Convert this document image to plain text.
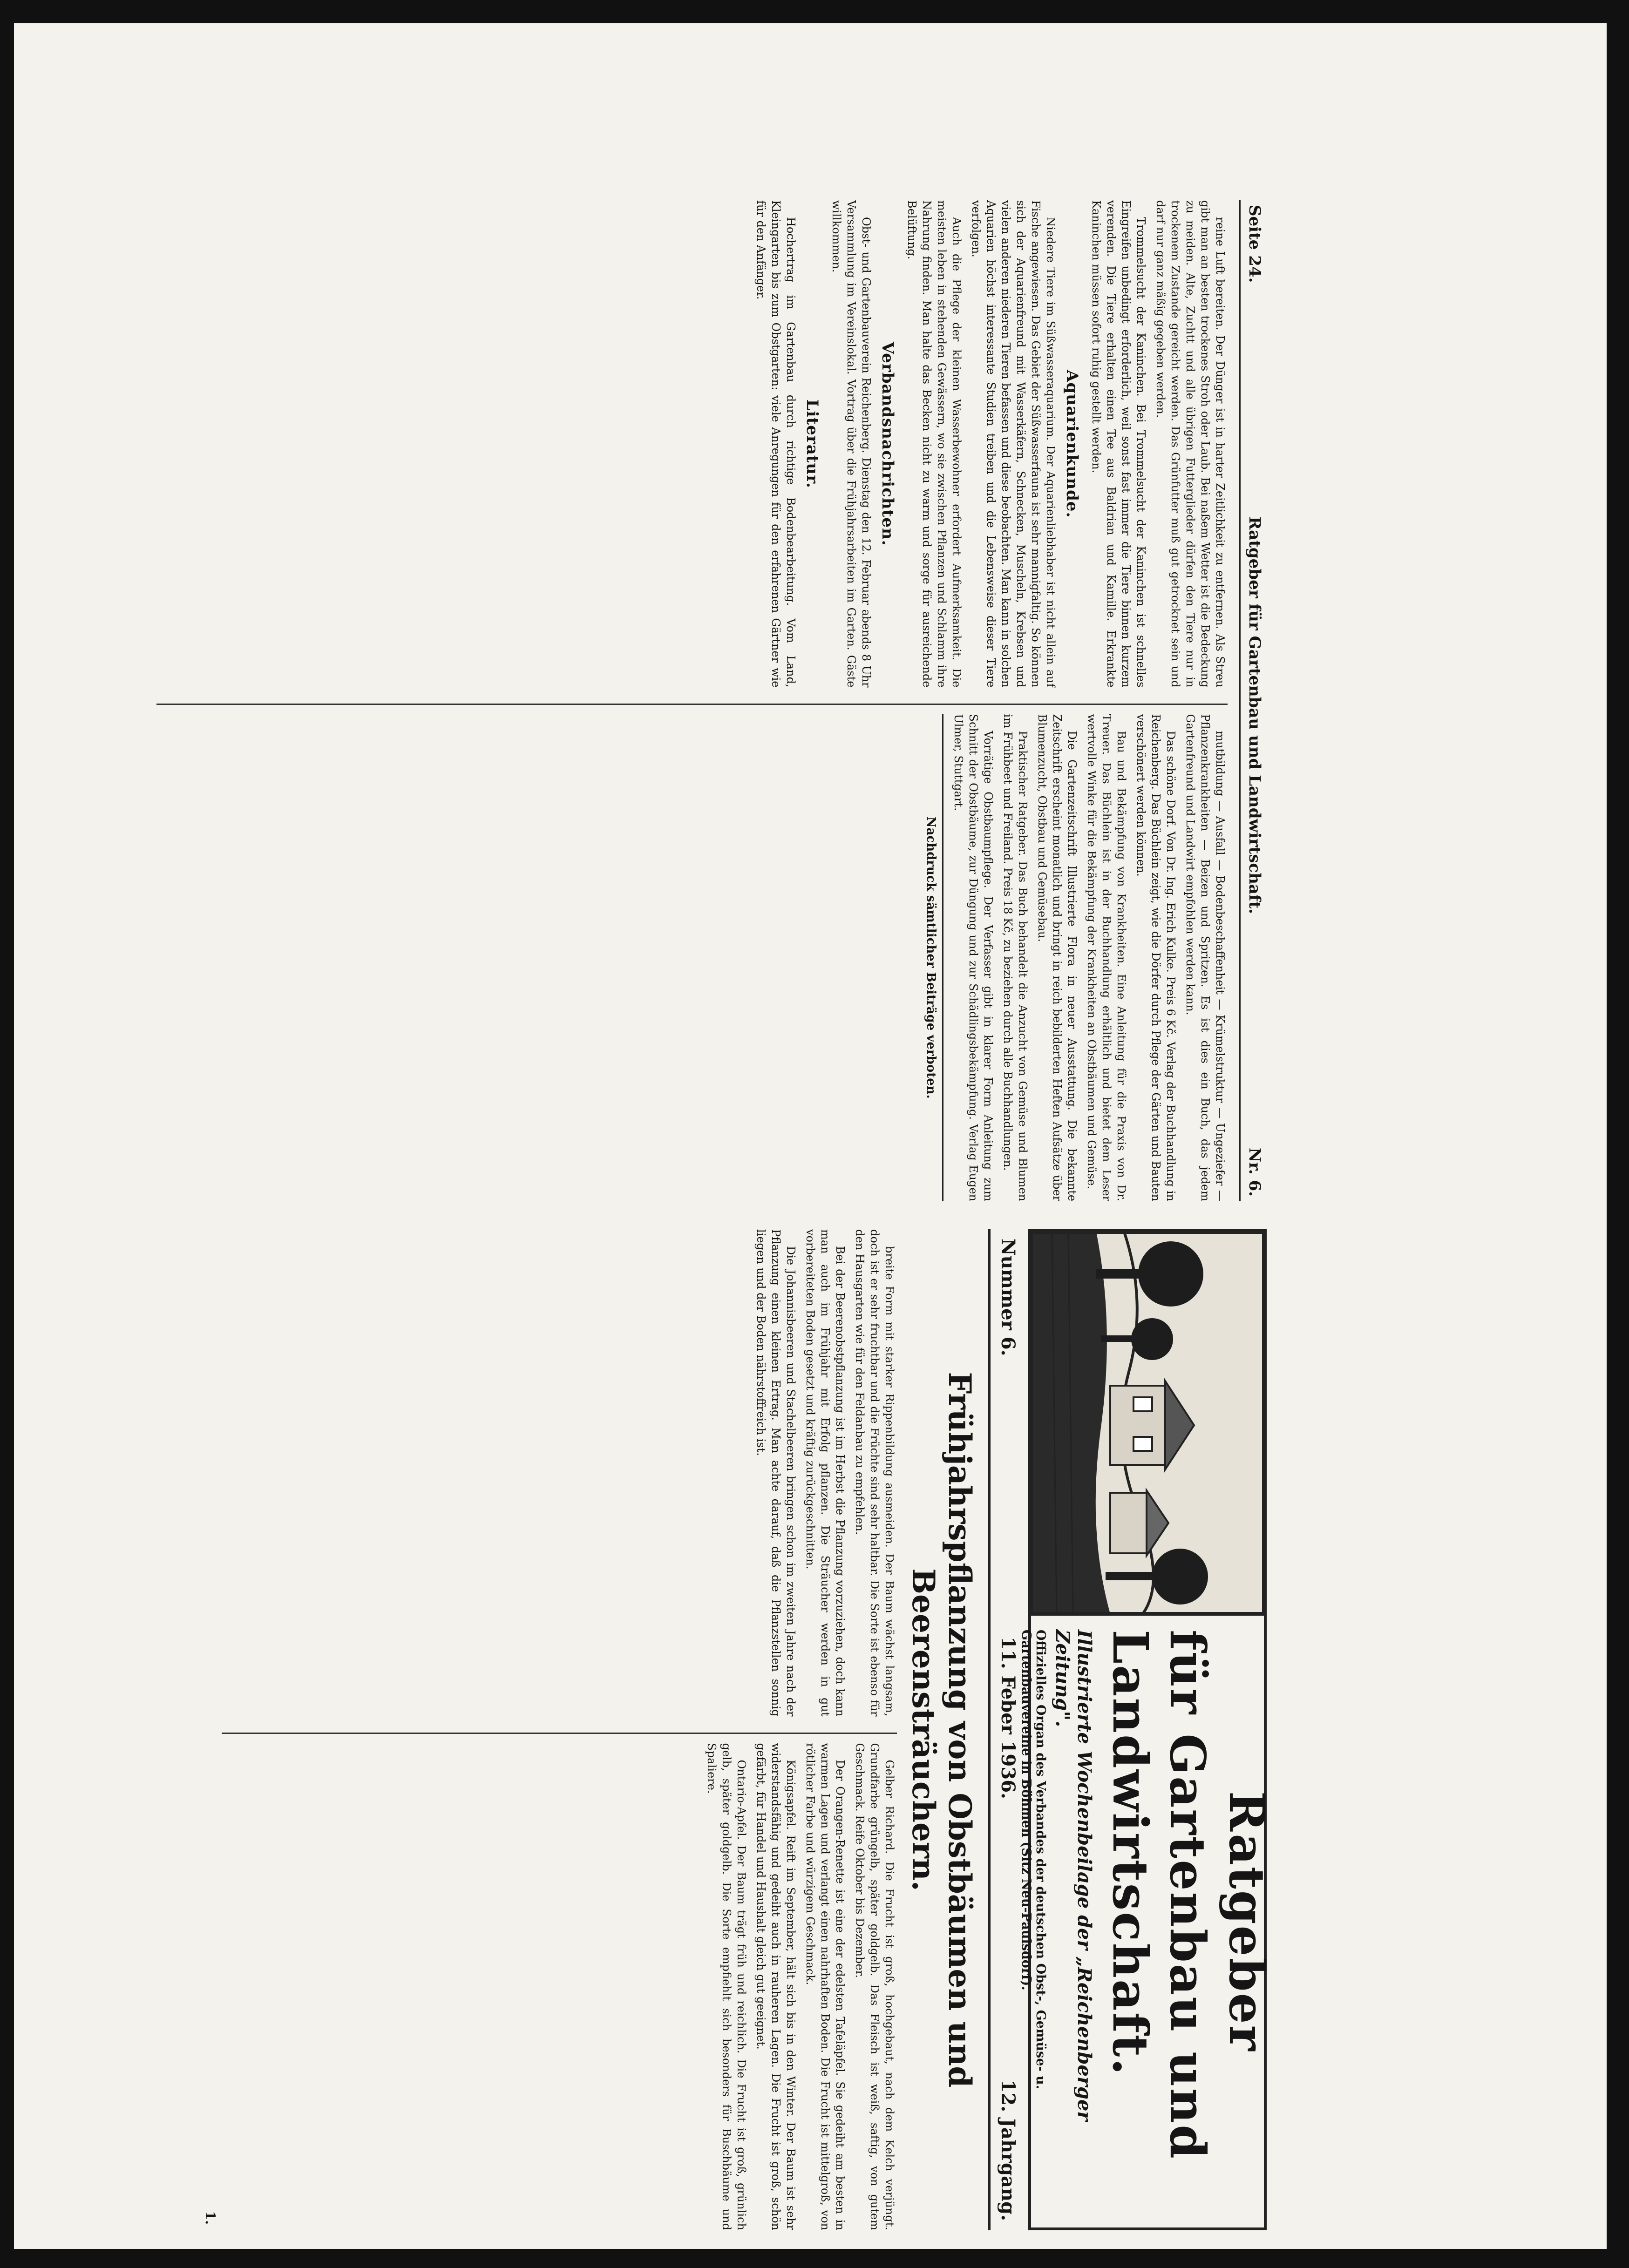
Seite 24.
Ratgeber für Gartenbau und Landwirtschaft.
Nr. 6.

reine Luft bereiten. Der Dünger ist in harter Zeitlichkeit zu entfernen. Als Streu gibt man an besten trockenes Stroh oder Laub. Bei naßem Wetter ist die Bedeckung zu meiden. Alte, Zuchtt und alle übrigen Futterglieder dürfen den Tiere nur in trockenem Zustande gereicht werden. Das Grünfutter muß gut getrocknet sein und darf nur ganz mäßig gegeben werden.

Trommelsucht der Kaninchen. Bei Trommelsucht der Kaninchen ist schnelles Eingreifen unbedingt erforderlich, weil sonst fast immer die Tiere binnen kurzem verenden. Die Tiere erhalten einen Tee aus Baldrian und Kamille. Erkrankte Kaninchen müssen sofort ruhig gestellt werden.

Aquarienkunde.

Niedere Tiere im Süßwasseraquarium. Der Aquarienliebhaber ist nicht allein auf Fische angewiesen. Das Gebiet der Süßwasserfauna ist sehr mannigfaltig. So können sich der Aquarienfreund mit Wasserkäfern, Schnecken, Muscheln, Krebsen und vielen anderen niederen Tieren befassen und diese beobachten. Man kann in solchen Aquarien höchst interessante Studien treiben und die Lebensweise dieser Tiere verfolgen.

Auch die Pflege der kleinen Wasserbewohner erfordert Aufmerksamkeit. Die meisten leben in stehenden Gewässern, wo sie zwischen Pflanzen und Schlamm ihre Nahrung finden. Man halte das Becken nicht zu warm und sorge für ausreichende Belüftung.

Verbandsnachrichten.

Obst- und Gartenbauverein Reichenberg. Dienstag den 12. Februar abends 8 Uhr Versammlung im Vereinslokal. Vortrag über die Frühjahrsarbeiten im Garten. Gäste willkommen.

Literatur.

Hochertrag im Gartenbau durch richtige Bodenbearbeitung. Vom Land, Kleingarten bis zum Obstgarten: viele Anregungen für den erfahrenen Gärtner wie für den Anfänger.

mutbildung — Ausfall — Bodenbeschaffenheit — Krümelstruktur — Ungeziefer — Pflanzenkrankheiten — Beizen und Spritzen. Es ist dies ein Buch, das jedem Gartenfreund und Landwirt empfohlen werden kann.

Das schöne Dorf. Von Dr. Ing. Erich Kulke. Preis 6 Kč. Verlag der Buchhandlung in Reichenberg. Das Büchlein zeigt, wie die Dörfer durch Pflege der Gärten und Bauten verschönert werden können.

Bau und Bekämpfung von Krankheiten. Eine Anleitung für die Praxis von Dr. Treuer. Das Büchlein ist in der Buchhandlung erhältlich und bietet dem Leser wertvolle Winke für die Bekämpfung der Krankheiten an Obstbäumen und Gemüse.

Die Gartenzeitschrift Illustrierte Flora in neuer Ausstattung. Die bekannte Zeitschrift erscheint monatlich und bringt in reich bebilderten Heften Aufsätze über Blumenzucht, Obstbau und Gemüsebau.

Praktischer Ratgeber. Das Buch behandelt die Anzucht von Gemüse und Blumen im Frühbeet und Freiland. Preis 18 Kč, zu beziehen durch alle Buchhandlungen.

Vorrätige Obstbaumpflege. Der Verfasser gibt in klarer Form Anleitung zum Schnitt der Obstbäume, zur Düngung und zur Schädlingsbekämpfung. Verlag Eugen Ulmer, Stuttgart.

Nachdruck sämtlicher Beiträge verboten.
Ratgeber
für Gartenbau und Landwirtschaft.
Illustrierte Wochenbeilage der „Reichenberger Zeitung".
Offizielles Organ des Verbandes der deutschen Obst-, Gemüse- u. Gartenbauvereine in Böhmen (Sitz Neu-Paulsdorf).
Nummer 6.
11. Feber 1936.
12. Jahrgang.
Frühjahrspflanzung von Obstbäumen und Beerensträuchern.

breite Form mit starker Rippenbildung ausmeiden. Der Baum wächst langsam, doch ist er sehr fruchtbar und die Früchte sind sehr haltbar. Die Sorte ist ebenso für den Hausgarten wie für den Feldanbau zu empfehlen.

Bei der Beerenobstpflanzung ist im Herbst die Pflanzung vorzuziehen, doch kann man auch im Frühjahr mit Erfolg pflanzen. Die Sträucher werden in gut vorbereiteten Boden gesetzt und kräftig zurückgeschnitten.

Die Johannisbeeren und Stachelbeeren bringen schon im zweiten Jahre nach der Pflanzung einen kleinen Ertrag. Man achte darauf, daß die Pflanzstellen sonnig liegen und der Boden nährstoffreich ist.

Gelber Richard. Die Frucht ist groß, hochgebaut, nach dem Kelch verjüngt. Grundfarbe grüngelb, später goldgelb. Das Fleisch ist weiß, saftig, von gutem Geschmack. Reife Oktober bis Dezember.

Der Orangen-Renette ist eine der edelsten Tafeläpfel. Sie gedeiht am besten in warmen Lagen und verlangt einen nahrhaften Boden. Die Frucht ist mittelgroß, von rötlicher Farbe und würzigem Geschmack.

Königsapfel. Reift im September, hält sich bis in den Winter. Der Baum ist sehr widerstandsfähig und gedeiht auch in rauheren Lagen. Die Frucht ist groß, schön gefärbt, für Handel und Haushalt gleich gut geeignet.

Ontario-Apfel. Der Baum trägt früh und reichlich. Die Frucht ist groß, grünlich gelb, später goldgelb. Die Sorte empfiehlt sich besonders für Buschbäume und Spaliere.

1.
